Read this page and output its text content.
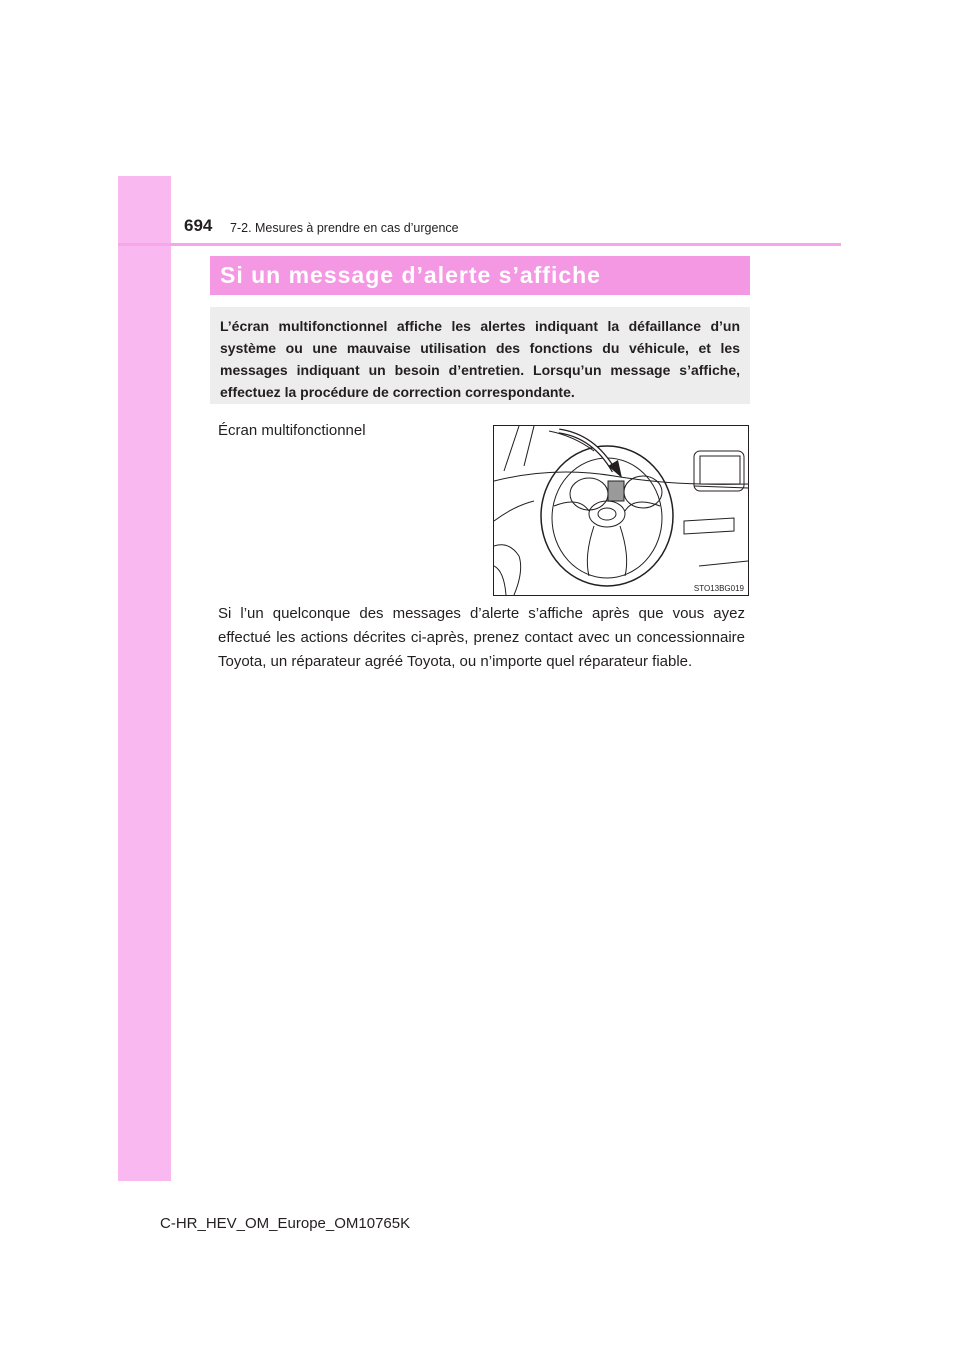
694 7-2. Mesures à prendre en cas d’urgence
Si un message d’alerte s’affiche

L’écran multifonctionnel affiche les alertes indiquant la défaillance d’un système ou une mauvaise utilisation des fonctions du véhicule, et les messages indiquant un besoin d’entretien. Lorsqu’un message s’affiche, effectuez la procédure de correction correspondante.

Écran multifonctionnel
STO13BG019

Si l’un quelconque des messages d’alerte s’affiche après que vous ayez effectué les actions décrites ci-après, prenez contact avec un concessionnaire Toyota, un réparateur agréé Toyota, ou n’importe quel réparateur fiable.

C-HR_HEV_OM_Europe_OM10765K
